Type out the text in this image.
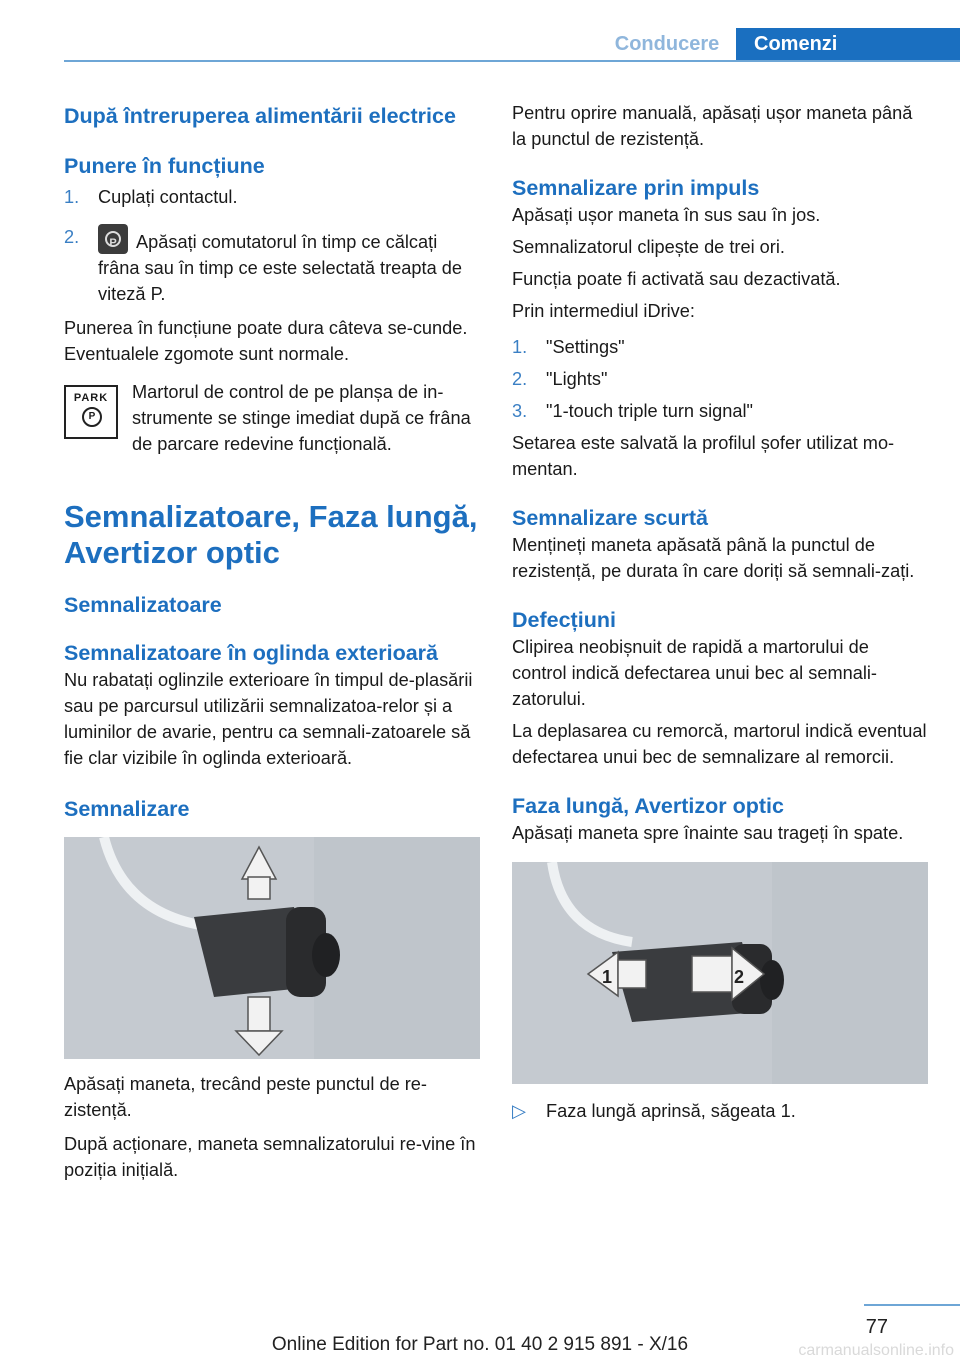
Conducere	Comenzi
După întreruperea alimentării electrice
Punere în funcțiune
1. Cuplați contactul.
2.	P	Apăsați comutatorul în timp ce călcați frâna sau în timp ce este selectată treapta de viteză P.

Punerea în funcțiune poate dura câteva se‐cunde. Eventualele zgomote sunt normale.

PARK
P

Martorul de control de pe planșa de in‐strumente se stinge imediat după ce frâna de parcare redevine funcțională.

Semnalizatoare, Faza lungă, Avertizor optic
Semnalizatoare
Semnalizatoare în oglinda exterioară

Nu rabatați oglinzile exterioare în timpul de‐plasării sau pe parcursul utilizării semnalizatoa‐relor și a luminilor de avarie, pentru ca semnali‐zatoarele să fie clar vizibile în oglinda exterioară.

Semnalizare

Apăsați maneta, trecând peste punctul de re‐zistență.

După acționare, maneta semnalizatorului re‐vine în poziția inițială.

Pentru oprire manuală, apăsați ușor maneta până la punctul de rezistență.

Semnalizare prin impuls

Apăsați ușor maneta în sus sau în jos.

Semnalizatorul clipește de trei ori.

Funcția poate fi activată sau dezactivată.

Prin intermediul iDrive:

1. "Settings"
2. "Lights"
3. "1-touch triple turn signal"

Setarea este salvată la profilul șofer utilizat mo‐mentan.

Semnalizare scurtă

Mențineți maneta apăsată până la punctul de rezistență, pe durata în care doriți să semnali‐zați.

Defecțiuni

Clipirea neobișnuit de rapidă a martorului de control indică defectarea unui bec al semnali‐zatorului.

La deplasarea cu remorcă, martorul indică eventual defectarea unui bec de semnalizare al remorcii.

Faza lungă, Avertizor optic

Apăsați maneta spre înainte sau trageți în spate.

1	2
▷ Faza lungă aprinsă, săgeata 1.
77
Online Edition for Part no. 01 40 2 915 891 - X/16	carmanualsonline.info
